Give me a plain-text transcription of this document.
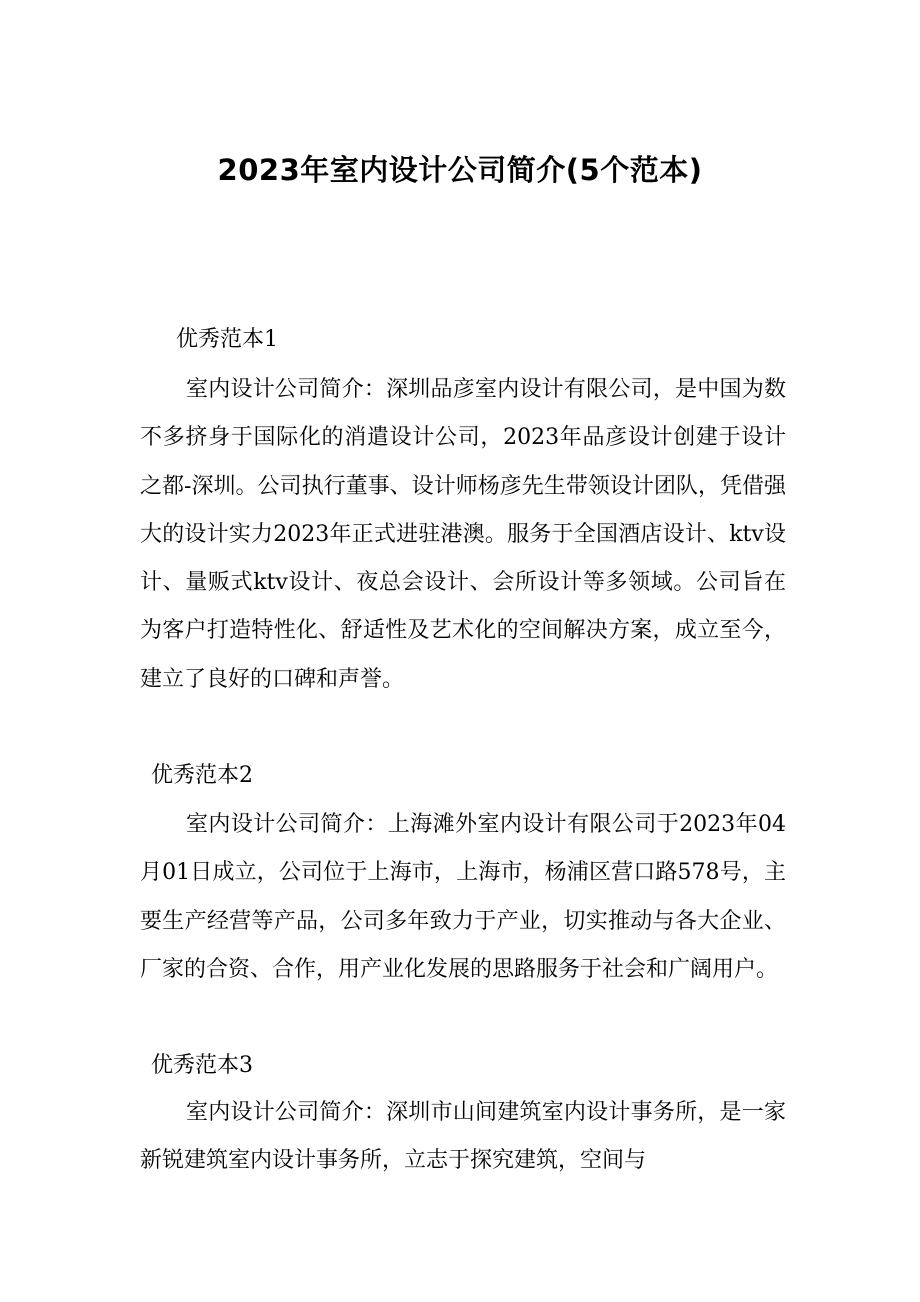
2023年室内设计公司简介(5个范本)
优秀范本1

室内设计公司简介：深圳品彦室内设计有限公司，是中国为数不多挤身于国际化的消遣设计公司，2023年品彦设计创建于设计之都-深圳。公司执行董事、设计师杨彦先生带领设计团队，凭借强大的设计实力2023年正式进驻港澳。服务于全国酒店设计、ktv设计、量贩式ktv设计、夜总会设计、会所设计等多领域。公司旨在为客户打造特性化、舒适性及艺术化的空间解决方案，成立至今，建立了良好的口碑和声誉。

优秀范本2

室内设计公司简介：上海滩外室内设计有限公司于2023年04月01日成立，公司位于上海市，上海市，杨浦区营口路578号，主要生产经营等产品，公司多年致力于产业，切实推动与各大企业、厂家的合资、合作，用产业化发展的思路服务于社会和广阔用户。

优秀范本3

室内设计公司简介：深圳市山间建筑室内设计事务所，是一家新锐建筑室内设计事务所，立志于探究建筑，空间与
